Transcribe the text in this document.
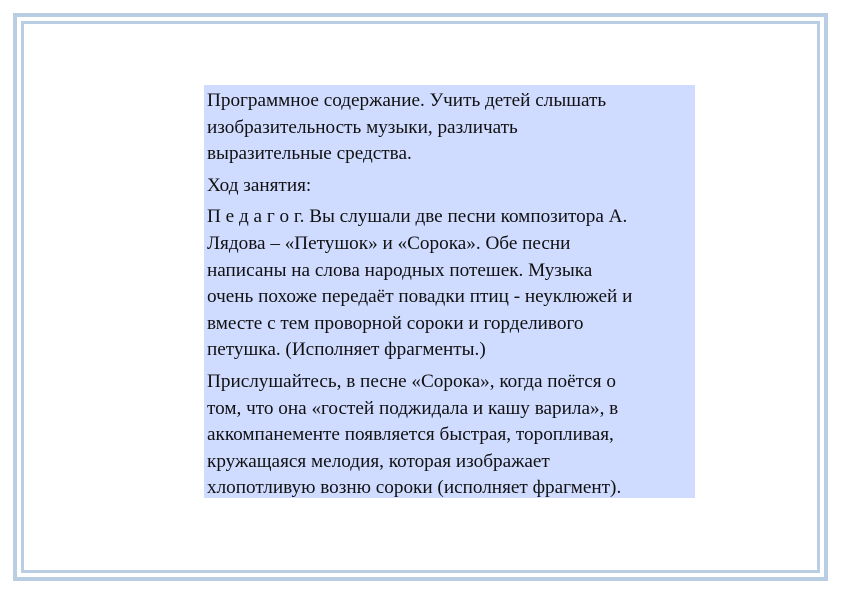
Программное содержание. Учить детей слышать
изобразительность музыки, различать
выразительные средства.

Ход занятия:

П е д а г о г. Вы слушали две песни композитора А.
Лядова – «Петушок» и «Сорока». Обе песни
написаны на слова народных потешек. Музыка
очень похоже передаёт повадки птиц - неуклюжей и
вместе с тем проворной сороки и горделивого
петушка. (Исполняет фрагменты.)

Прислушайтесь, в песне «Сорока», когда поётся о
том, что она «гостей поджидала и кашу варила», в
аккомпанементе появляется быстрая, торопливая,
кружащаяся мелодия, которая изображает
хлопотливую возню сороки (исполняет фрагмент).
